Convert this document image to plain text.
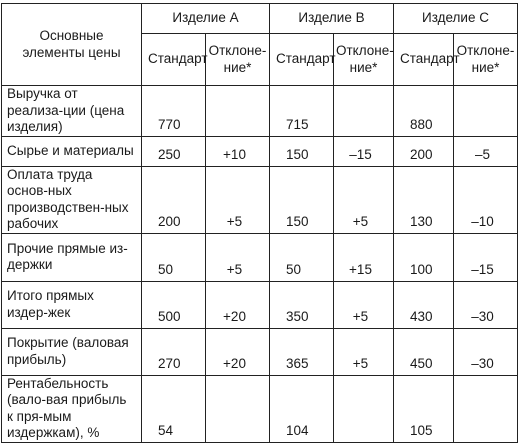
Основные элементы цены	Изделие A		Изделие B		Изделие C	
	Стандарт	Отклоне-ние*	Стандарт	Отклоне-ние*	Стандарт	Отклоне-ние*
Выручка от реализа-ции (цена изделия)	770		715		880	
Сырье и материалы	250	+10	150	–15	200	–5
Оплата труда основ-ных производствен-ных рабочих	200	+5	150	+5	130	–10
Прочие прямые из-держки	50	+5	50	+15	100	–15
Итого прямых издер-жек	500	+20	350	+5	430	–30
Покрытие (валовая прибыль)	270	+20	365	+5	450	–30
Рентабельность (вало-вая прибыль к пря-мым издержкам), %	54		104		105	
